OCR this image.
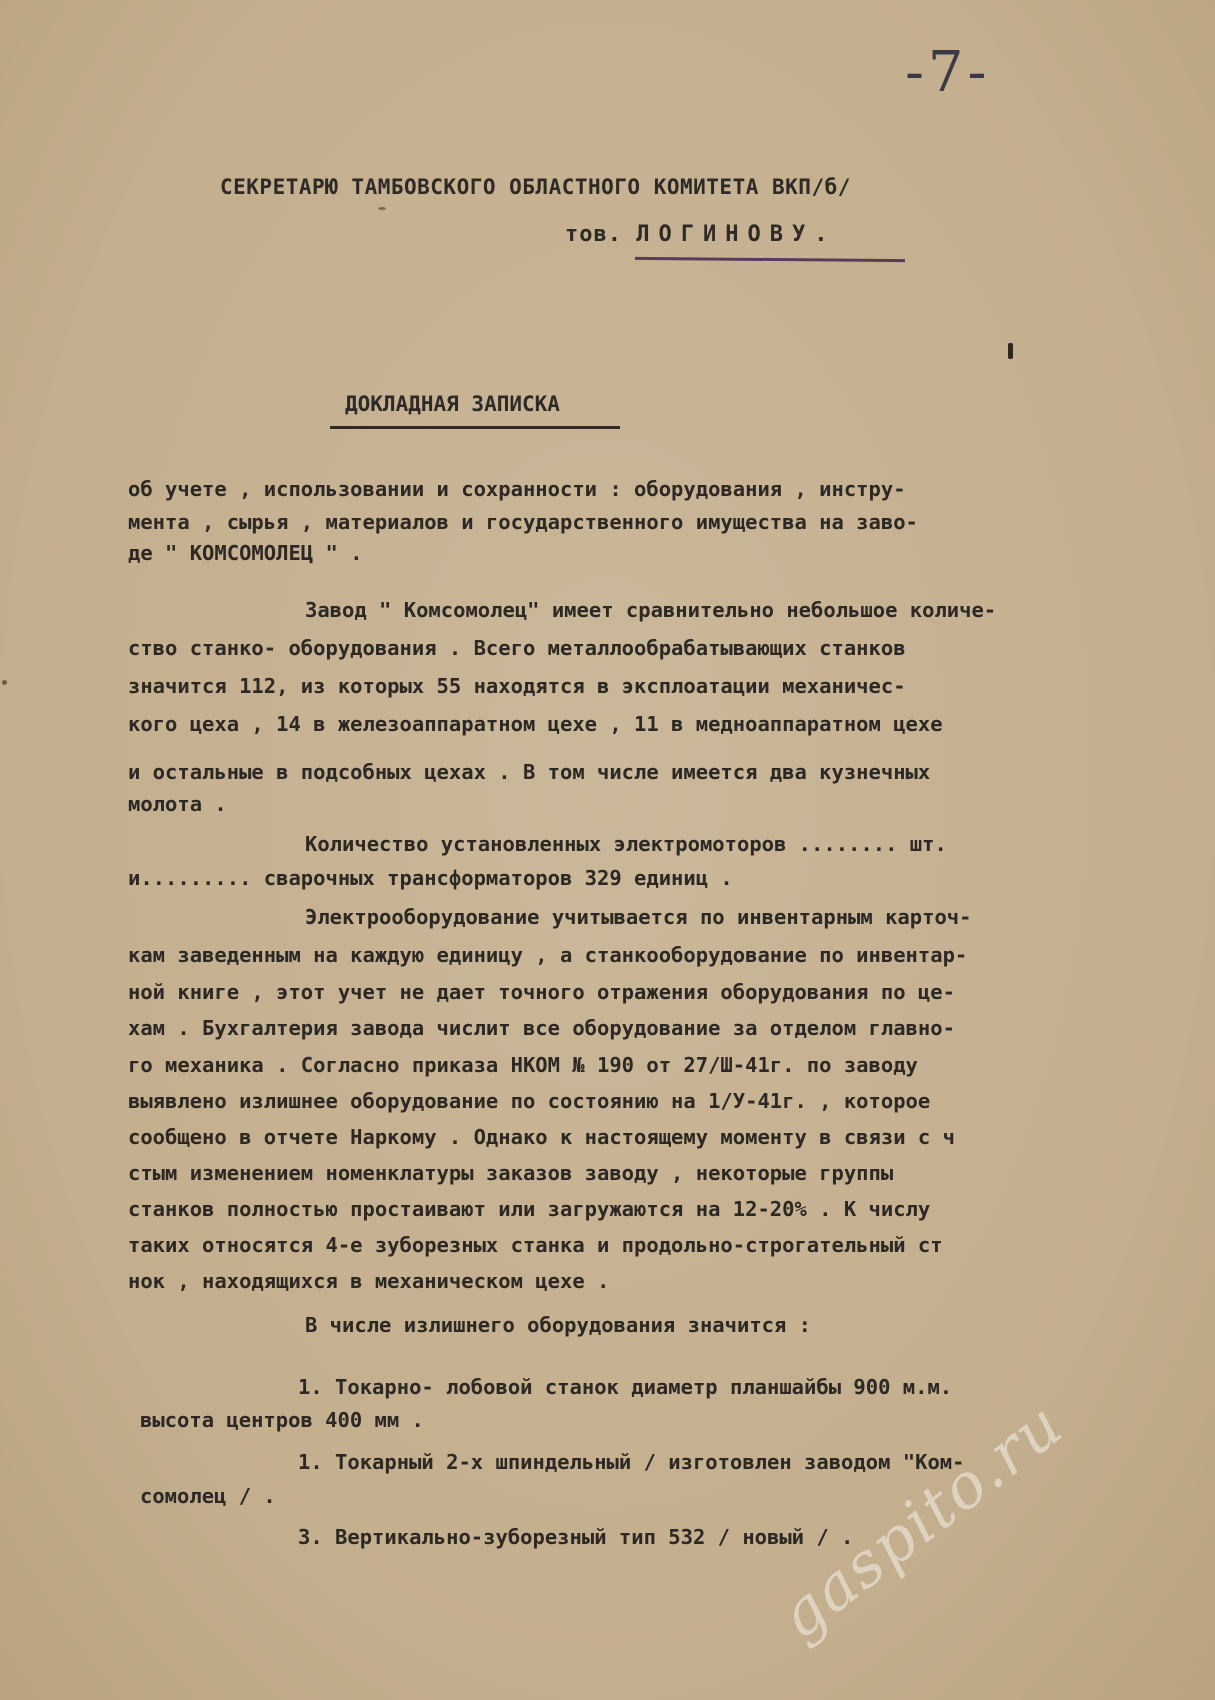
-7-
СЕКРЕТАРЮ ТАМБОВСКОГО ОБЛАСТНОГО КОМИТЕТА ВКП/б/
тов. ЛОГИНОВУ.
ДОКЛАДНАЯ ЗАПИСКА
об учете , использовании и сохранности : оборудования , инстру-
мента , сырья , материалов и государственного имущества на заво-
де " КОМСОМОЛЕЦ " .
Завод " Комсомолец" имеет сравнительно небольшое количе-
ство станко- оборудования . Всего металлообрабатывающих станков
значится 112, из которых 55 находятся в эксплоатации механичес-
кого цеха , 14 в железоаппаратном цехе , 11 в медноаппаратном цехе
и остальные в подсобных цехах . В том числе имеется два кузнечных
молота .
Количество установленных электромоторов ........ шт.
и......... сварочных трансформаторов 329 единиц .
Электрооборудование учитывается по инвентарным карточ-
кам заведенным на каждую единицу , а станкооборудование по инвентар-
ной книге , этот учет не дает точного отражения оборудования по це-
хам . Бухгалтерия завода числит все оборудование за отделом главно-
го механика . Согласно приказа НКОМ № 190 от 27/Ш-41г. по заводу
выявлено излишнее оборудование по состоянию на 1/У-41г. , которое
сообщено в отчете Наркому . Однако к настоящему моменту в связи с ч
стым изменением номенклатуры заказов заводу , некоторые группы
станков полностью простаивают или загружаются на 12-20% . К числу
таких относятся 4-е зуборезных станка и продольно-строгательный ст
нок , находящихся в механическом цехе .
В числе излишнего оборудования значится :
1. Токарно- лобовой станок диаметр планшайбы 900 м.м.
высота центров 400 мм .
1. Токарный 2-х шпиндельный / изготовлен заводом "Ком-
сомолец / .
3. Вертикально-зуборезный тип 532 / новый / .
gaspito.ru
